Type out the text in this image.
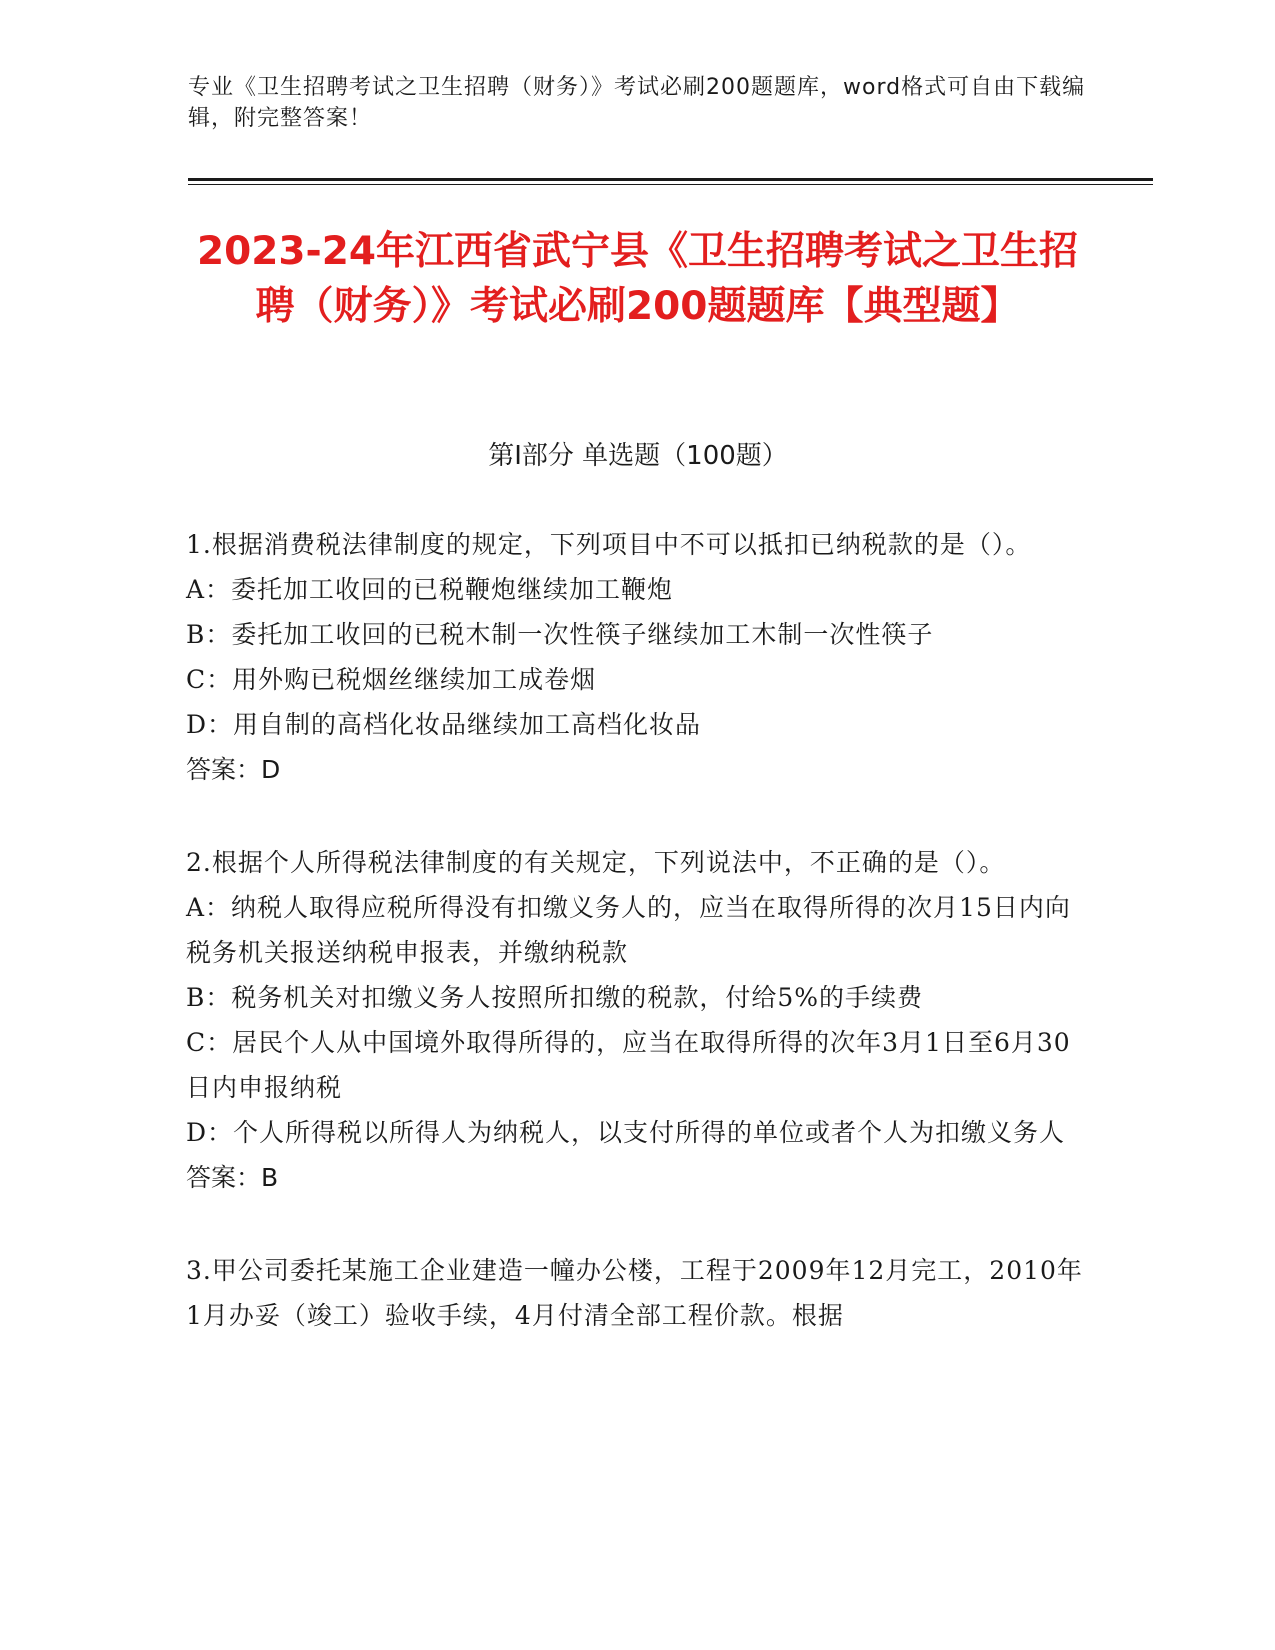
专业《卫生招聘考试之卫生招聘（财务）》考试必刷200题题库，word格式可自由下载编辑，附完整答案！
2023-24年江西省武宁县《卫生招聘考试之卫生招聘（财务）》考试必刷200题题库【典型题】
第I部分 单选题（100题）

1.根据消费税法律制度的规定，下列项目中不可以抵扣已纳税款的是（）。

A：委托加工收回的已税鞭炮继续加工鞭炮

B：委托加工收回的已税木制一次性筷子继续加工木制一次性筷子

C：用外购已税烟丝继续加工成卷烟

D：用自制的高档化妆品继续加工高档化妆品

答案：D

2.根据个人所得税法律制度的有关规定，下列说法中，不正确的是（）。

A：纳税人取得应税所得没有扣缴义务人的，应当在取得所得的次月15日内向税务机关报送纳税申报表，并缴纳税款

B：税务机关对扣缴义务人按照所扣缴的税款，付给5%的手续费

C：居民个人从中国境外取得所得的，应当在取得所得的次年3月1日至6月30日内申报纳税

D：个人所得税以所得人为纳税人，以支付所得的单位或者个人为扣缴义务人

答案：B

3.甲公司委托某施工企业建造一幢办公楼，工程于2009年12月完工，2010年1月办妥（竣工）验收手续，4月付清全部工程价款。根据
